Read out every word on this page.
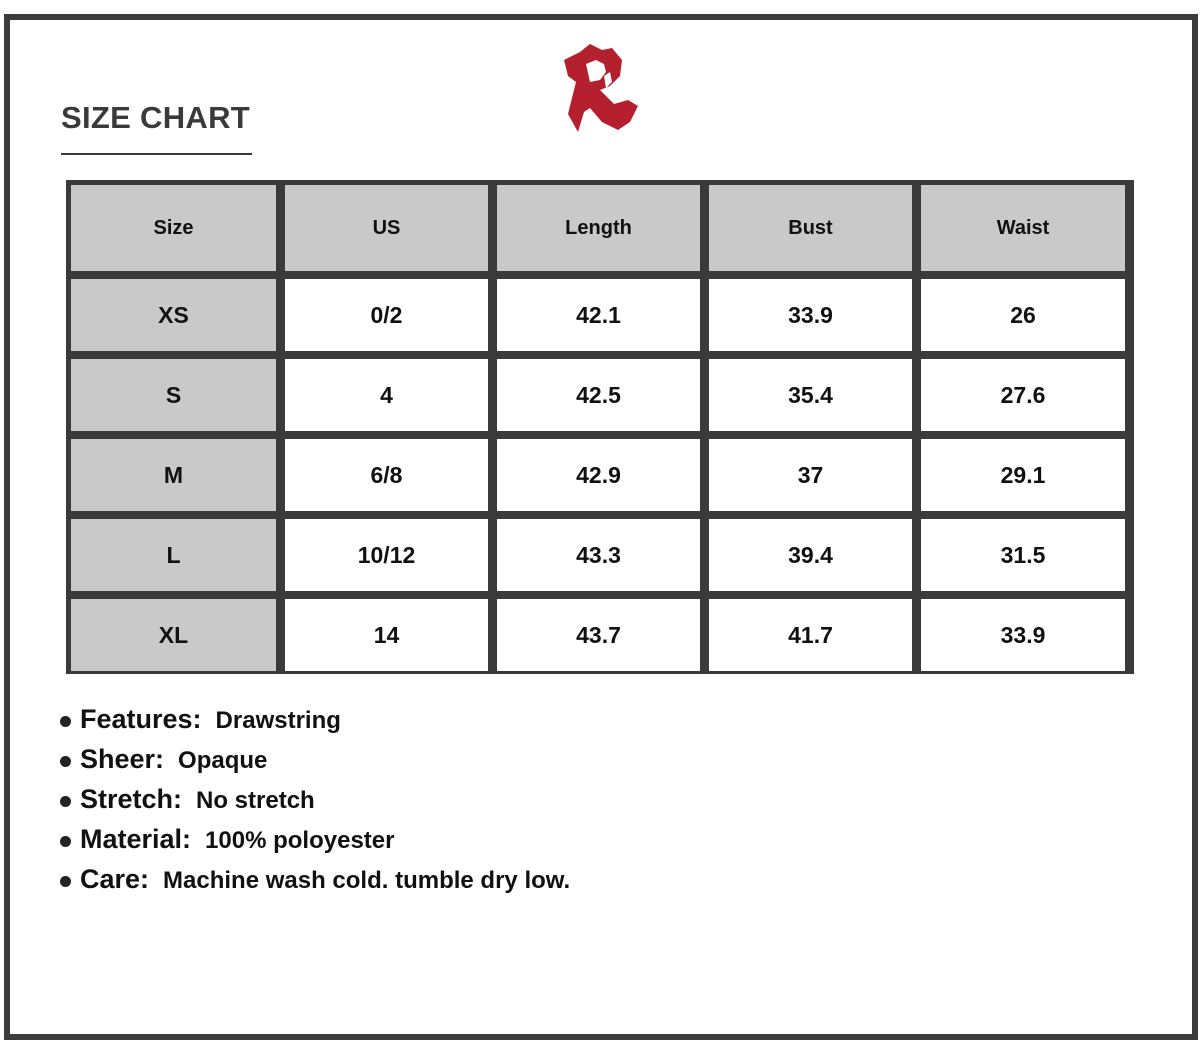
SIZE CHART
Size	US	Length	Bust	Waist
XS	0/2	42.1	33.9	26
S	4	42.5	35.4	27.6
M	6/8	42.9	37	29.1
L	10/12	43.3	39.4	31.5
XL	14	43.7	41.7	33.9
Features: Drawstring
Sheer: Opaque
Stretch: No stretch
Material: 100% poloyester
Care: Machine wash cold. tumble dry low.
